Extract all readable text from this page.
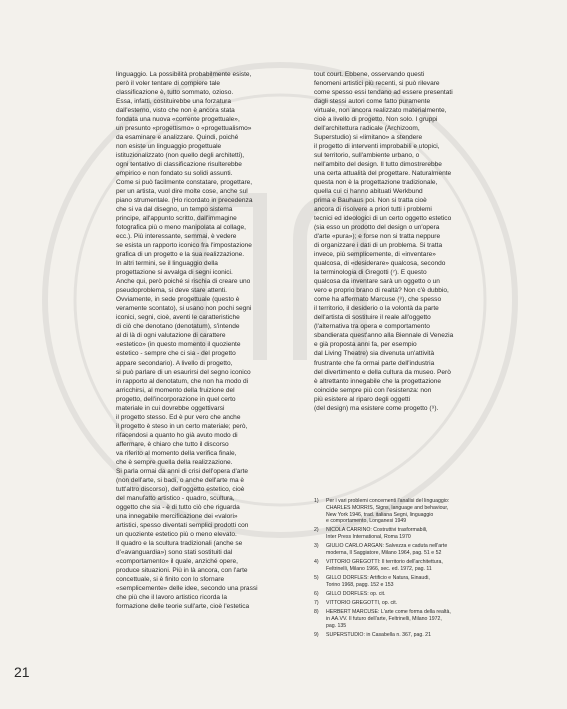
linguaggio. La possibilità probabilmente esiste,
però il voler tentare di compiere tale
classificazione è, tutto sommato, ozioso.
Essa, infatti, costituirebbe una forzatura
dall'esterno, visto che non è ancora stata
fondata una nuova «corrente progettuale»,
un presunto «progettismo» o «progettualismo»
da esaminare e analizzare. Quindi, poiché
non esiste un linguaggio progettuale
istituzionalizzato (non quello degli architetti),
ogni tentativo di classificazione risulterebbe
empirico e non fondato su solidi assunti.
Come si può facilmente constatare, progettare,
per un artista, vuol dire molte cose, anche sul
piano strumentale. (Ho ricordato in precedenza
che si va dal disegno, un tempo sistema
principe, all'appunto scritto, dall'immagine
fotografica più o meno manipolata al collage,
ecc.). Più interessante, semmai, è vedere
se esista un rapporto iconico fra l'impostazione
grafica di un progetto e la sua realizzazione.
In altri termini, se il linguaggio della
progettazione si avvalga di segni iconici.
Anche qui, però poiché si rischia di creare uno
pseudoproblema, si deve stare attenti.
Ovviamente, in sede progettuale (questo è
veramente scontato), si usano non pochi segni
iconici, segni, cioè, aventi le caratteristiche
di ciò che denotano (denotatum), s'intende
al di là di ogni valutazione di carattere
«estetico» (in questo momento il quoziente
estetico - sempre che ci sia - del progetto
appare secondario). A livello di progetto,
si può parlare di un esaurirsi del segno iconico
in rapporto al denotatum, che non ha modo di
arricchirsi, al momento della fruizione del
progetto, dell'incorporazione in quel certo
materiale in cui dovrebbe oggettivarsi
il progetto stesso. Ed è pur vero che anche
il progetto è steso in un certo materiale; però,
rifacendosi a quanto ho già avuto modo di
affermare, è chiaro che tutto il discorso
va riferito al momento della verifica finale,
che è sempre quella della realizzazione.
Si parla ormai da anni di crisi dell'opera d'arte
(non dell'arte, si badi, o anche dell'arte ma è
tutt'altro discorso), dell'oggetto estetico, cioè
del manufatto artistico - quadro, scultura,
oggetto che sia - è di tutto ciò che riguarda
una innegabile mercificazione dei «valori»
artistici, spesso diventati semplici prodotti con
un quoziente estetico più o meno elevato.
Il quadro e la scultura tradizionali (anche se
d'«avanguardia») sono stati sostituiti dal
«comportamento» il quale, anziché opere,
produce situazioni. Più in là ancora, con l'arte
concettuale, si è finito con lo sfornare
«semplicemente» delle idee, secondo una prassi
che più che il lavoro artistico ricorda la
formazione delle teorie sull'arte, cioè l'estetica
tout court. Ebbene, osservando questi
fenomeni artistici più recenti, si può rilevare
come spesso essi tendano ad essere presentati
dagli stessi autori come fatto puramente
virtuale, non ancora realizzato materialmente,
cioè a livello di progetto. Non solo. I gruppi
dell'architettura radicale (Archizoom,
Superstudio) si «limitano» a stendere
il progetto di interventi improbabili e utopici,
sul territorio, sull'ambiente urbano, o
nell'ambito del design. Il tutto dimostrerebbe
una certa attualità del progettare. Naturalmente
questa non è la progettazione tradizionale,
quella cui ci hanno abituati Werkbund
prima e Bauhaus poi. Non si tratta cioè
ancora di risolvere a priori tutti i problemi
tecnici ed ideologici di un certo oggetto estetico
(sia esso un prodotto del design o un'opera
d'arte «pura»); e forse non si tratta neppure
di organizzare i dati di un problema. Si tratta
invece, più semplicemente, di «inventare»
qualcosa, di «desiderare» qualcosa, secondo
la terminologia di Gregotti (⁷). E questo
qualcosa da inventare sarà un oggetto o un
vero e proprio brano di realtà? Non c'è dubbio,
come ha affermato Marcuse (⁸), che spesso
il territorio, il desiderio o la volontà da parte
dell'artista di sostituire il reale all'oggetto
(l'alternativa tra opera e comportamento
sbandierata quest'anno alla Biennale di Venezia
e già proposta anni fa, per esempio
dal Living Theatre) sia divenuta un'attività
frustrante che fa ormai parte dell'industria
del divertimento e della cultura da museo. Però
è altrettanto innegabile che la progettazione
coincide sempre più con l'esistenza: non
più esistere al riparo degli oggetti
(del design) ma esistere come progetto (⁹).
1)	Per i vari problemi concernenti l'analisi del linguaggio:
CHARLES MORRIS, Signs, language and behaviour,
New York 1946, trad. italiana Segni, linguaggio
e comportamento, Longanesi 1949
2)	NICOLA CARRINO: Costruttivi trasformabili,
Inter Press International, Roma 1970
3)	GIULIO CARLO ARGAN: Salvezza e caduta nell'arte
moderna, Il Saggiatore, Milano 1964, pag. 51 e 52
4)	VITTORIO GREGOTTI: Il territorio dell'architettura,
Feltrinelli, Milano 1966, sec. ed. 1972, pag. 11
5)	GILLO DORFLES: Artificio e Natura, Einaudi,
Torino 1968, pagg. 152 e 153
6)	GILLO DORFLES: op. cit.
7)	VITTORIO GREGOTTI, op. cit.
8)	HERBERT MARCUSE: L'arte come forma della realtà,
in AA.VV. Il futuro dell'arte, Feltrinelli, Milano 1972,
pag. 135
9)	SUPERSTUDIO: in Casabella n. 367, pag. 21
21
